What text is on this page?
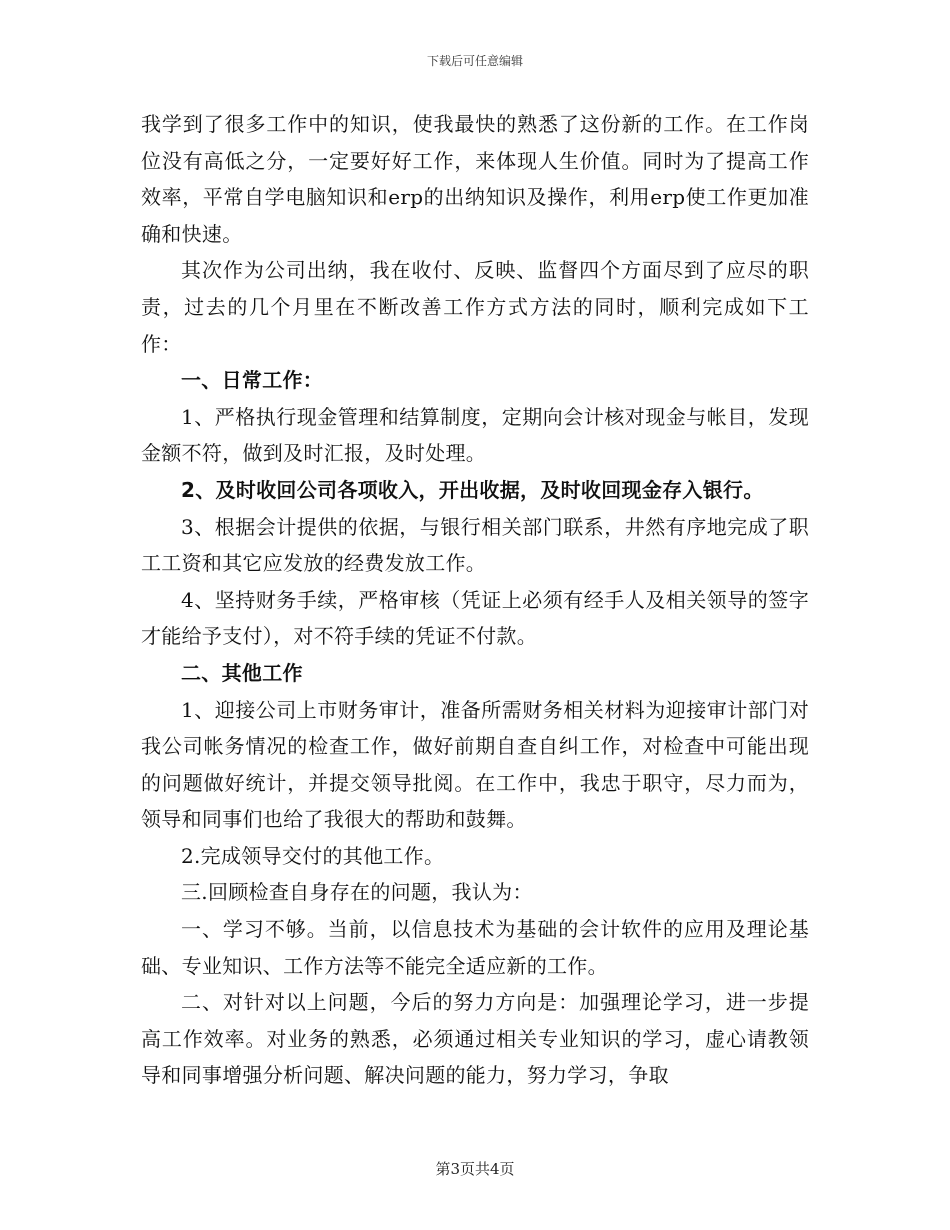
下载后可任意编辑

我学到了很多工作中的知识，使我最快的熟悉了这份新的工作。在工作岗位没有高低之分，一定要好好工作，来体现人生价值。同时为了提高工作效率，平常自学电脑知识和erp的出纳知识及操作，利用erp使工作更加准确和快速。

其次作为公司出纳，我在收付、反映、监督四个方面尽到了应尽的职责，过去的几个月里在不断改善工作方式方法的同时，顺利完成如下工作：

一、日常工作：

1、严格执行现金管理和结算制度，定期向会计核对现金与帐目，发现金额不符，做到及时汇报，及时处理。

2、及时收回公司各项收入，开出收据，及时收回现金存入银行。

3、根据会计提供的依据，与银行相关部门联系，井然有序地完成了职工工资和其它应发放的经费发放工作。

4、坚持财务手续，严格审核（凭证上必须有经手人及相关领导的签字才能给予支付），对不符手续的凭证不付款。

二、其他工作

1、迎接公司上市财务审计，准备所需财务相关材料为迎接审计部门对我公司帐务情况的检查工作，做好前期自查自纠工作，对检查中可能出现的问题做好统计，并提交领导批阅。在工作中，我忠于职守，尽力而为，领导和同事们也给了我很大的帮助和鼓舞。

2.完成领导交付的其他工作。

三.回顾检查自身存在的问题，我认为：

一、学习不够。当前，以信息技术为基础的会计软件的应用及理论基础、专业知识、工作方法等不能完全适应新的工作。

二、对针对以上问题，今后的努力方向是：加强理论学习，进一步提高工作效率。对业务的熟悉，必须通过相关专业知识的学习，虚心请教领导和同事增强分析问题、解决问题的能力，努力学习，争取

第3页共4页
